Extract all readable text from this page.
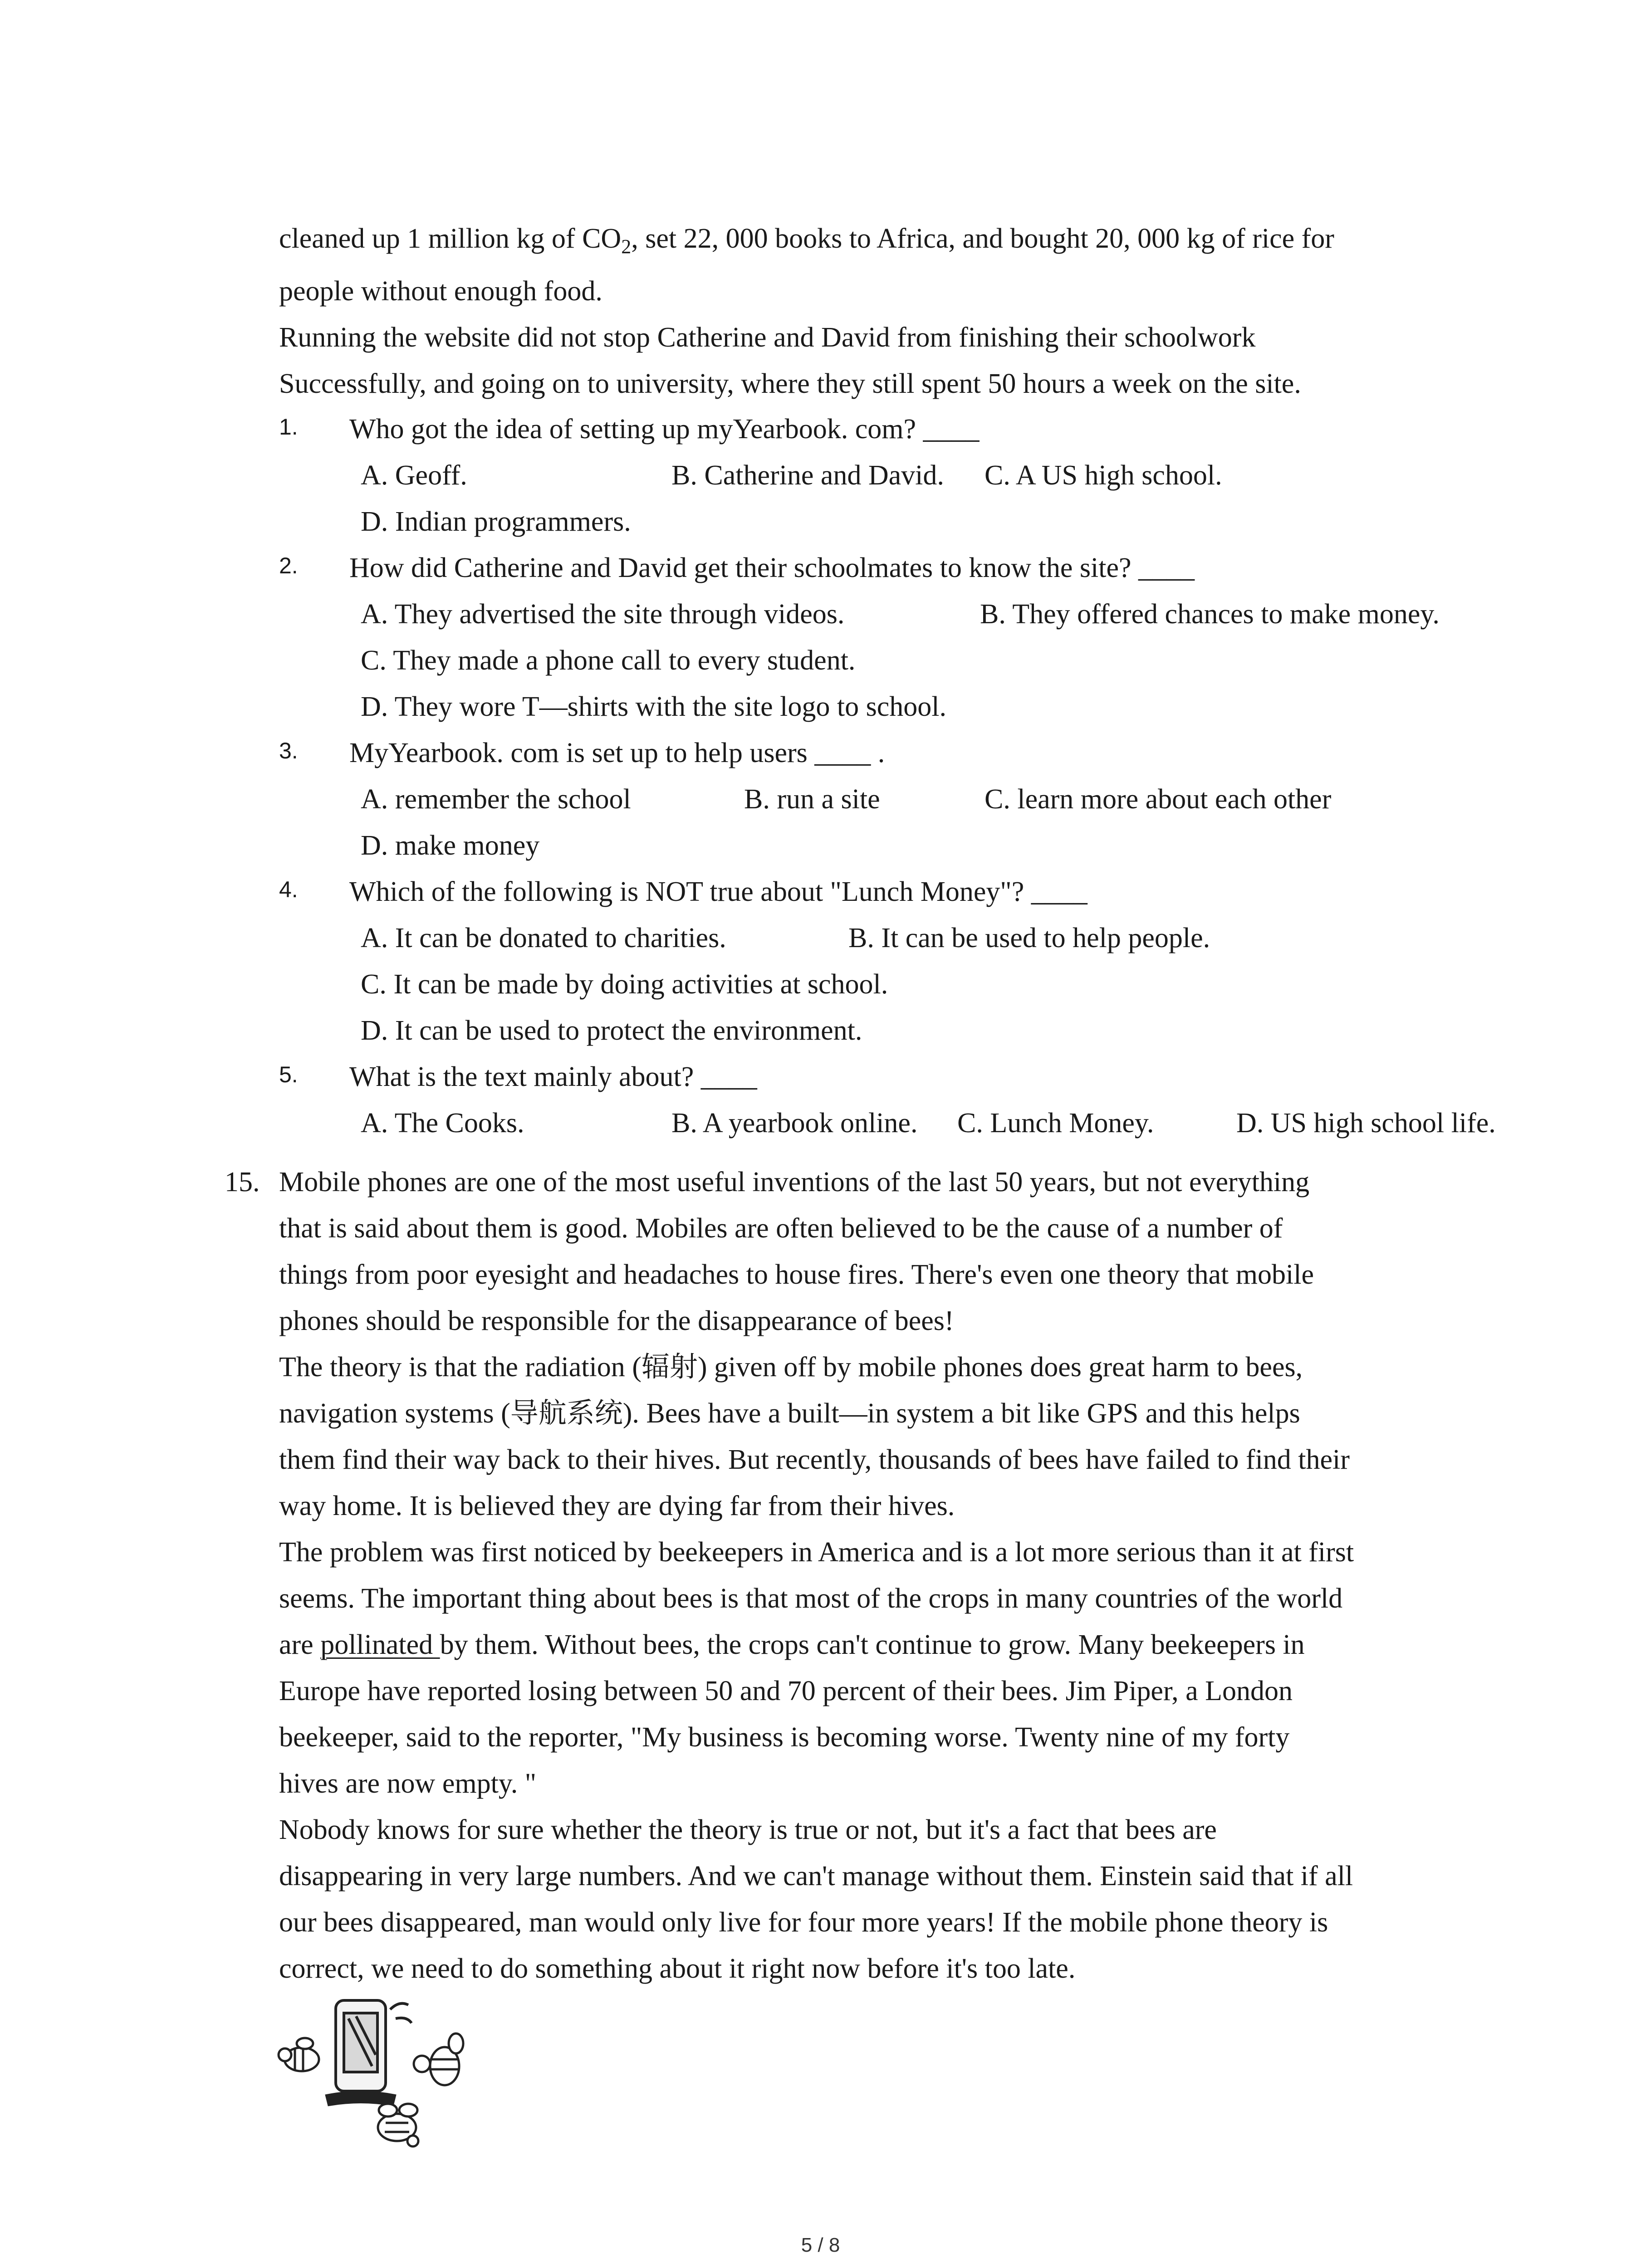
cleaned up 1 million kg of $CO_2$, set 22, 000 books to Africa, and bought 20, 000 kg of rice for
people without enough food.
Running the website did not stop Catherine and David from finishing their schoolwork
Successfully, and going on to university, where they still spent 50 hours a week on the site.
1. Who got the idea of setting up myYearbook. com? ____
A. Geoff.	B. Catherine and David. C. A US high school.
D. Indian programmers.
2. How did Catherine and David get their schoolmates to know the site? ____
A. They advertised the site through videos.	B. They offered chances to make money.
C. They made a phone call to every student.
D. They wore T—shirts with the site logo to school.
3. MyYearbook. com is set up to help users ____ .
A. remember the school	B. run a site	C. learn more about each other
D. make money
4. Which of the following is NOT true about "Lunch Money"? ____
A. It can be donated to charities.	B. It can be used to help people.
C. It can be made by doing activities at school.
D. It can be used to protect the environment.
5. What is the text mainly about? ____
A. The Cooks.	B. A yearbook online. C. Lunch Money.	D. US high school life.
15. Mobile phones are one of the most useful inventions of the last 50 years, but not everything
that is said about them is good. Mobiles are often believed to be the cause of a number of
things from poor eyesight and headaches to house fires. There's even one theory that mobile
phones should be responsible for the disappearance of bees!
The theory is that the radiation (辐射) given off by mobile phones does great harm to bees,
navigation systems (导航系统). Bees have a built—in system a bit like GPS and this helps
them find their way back to their hives. But recently, thousands of bees have failed to find their
way home. It is believed they are dying far from their hives.
The problem was first noticed by beekeepers in America and is a lot more serious than it at first
seems. The important thing about bees is that most of the crops in many countries of the world
are pollinated by them. Without bees, the crops can't continue to grow. Many beekeepers in
Europe have reported losing between 50 and 70 percent of their bees. Jim Piper, a London
beekeeper, said to the reporter, "My business is becoming worse. Twenty nine of my forty
hives are now empty. "
Nobody knows for sure whether the theory is true or not, but it's a fact that bees are
disappearing in very large numbers. And we can't manage without them. Einstein said that if all
our bees disappeared, man would only live for four more years! If the mobile phone theory is
correct, we need to do something about it right now before it's too late.
5 / 8
